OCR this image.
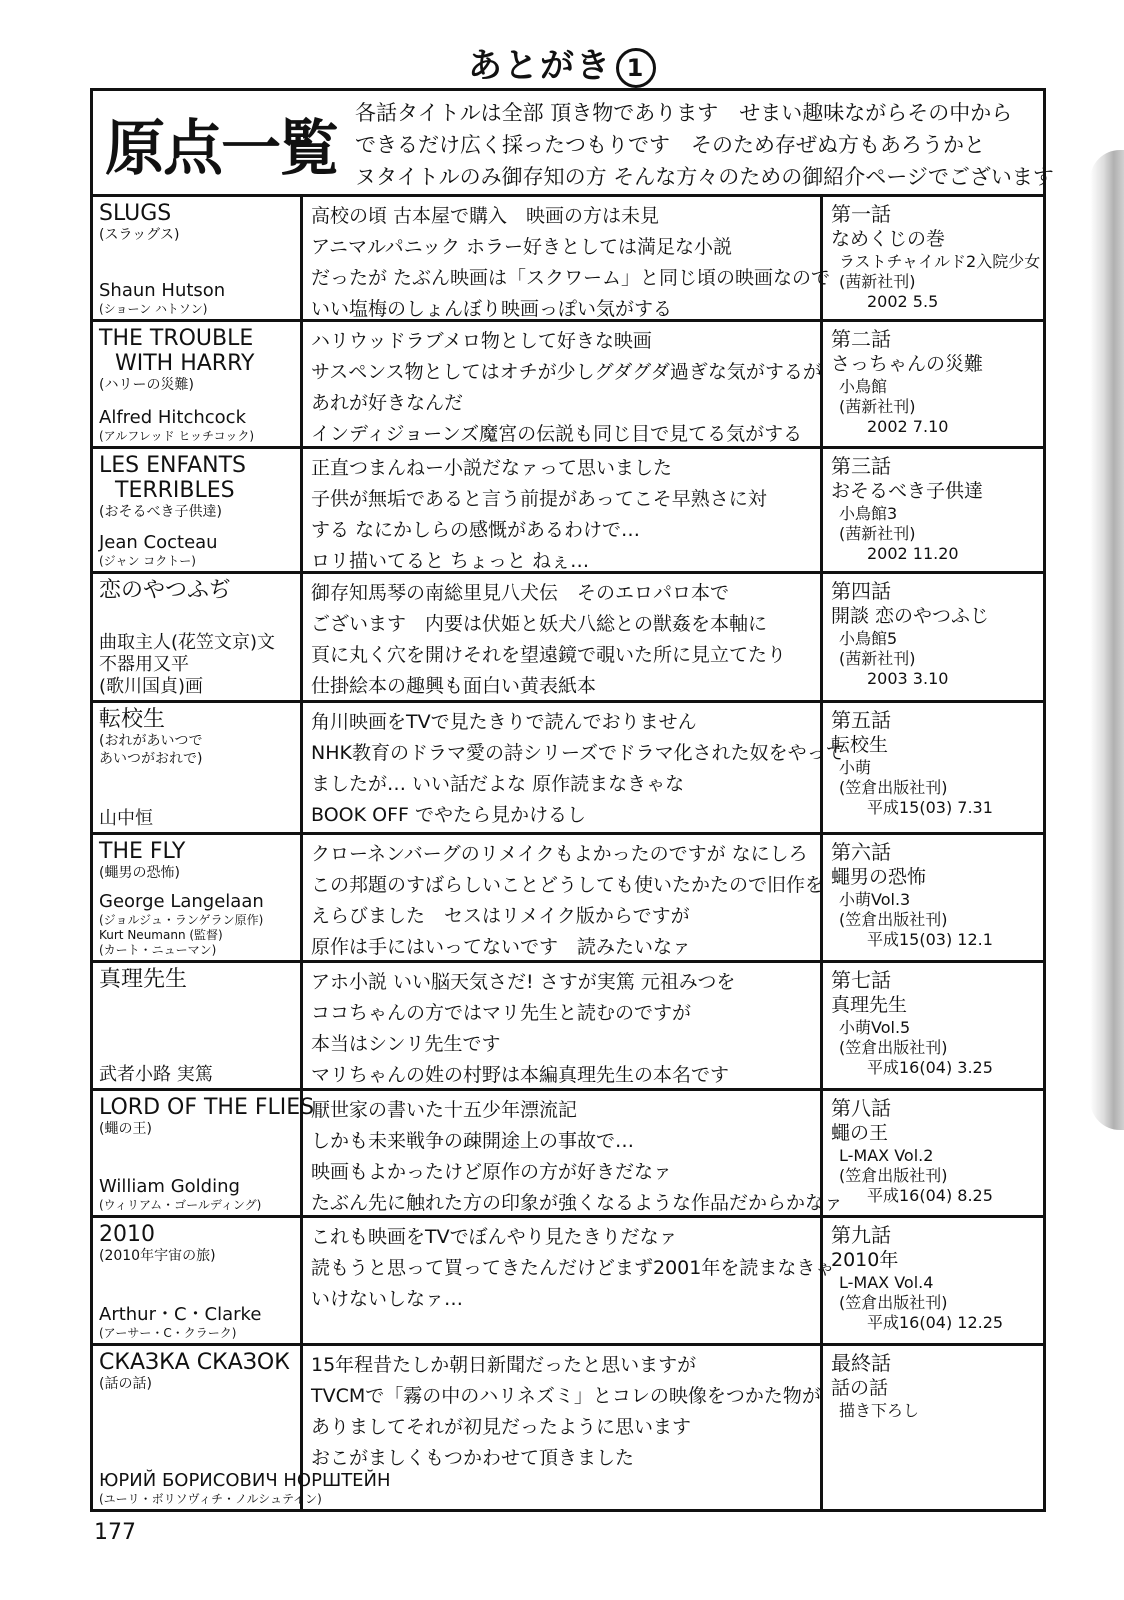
あとがき 1
原点一覧
各話タイトルは全部 頂き物であります　せまい趣味ながらその中から
できるだけ広く採ったつもりです　そのため存ぜぬ方もあろうかと
ヌタイトルのみ御存知の方 そんな方々のための御紹介ページでございます
SLUGS
(スラッグス)
Shaun Hutson
(ショーン ハトソン)
高校の頃 古本屋で購入　映画の方は未見
アニマルパニック ホラー好きとしては満足な小説
だったが たぶん映画は「スクワーム」と同じ頃の映画なので
いい塩梅のしょんぼり映画っぽい気がする
第一話
なめくじの巻
ラストチャイルド2入院少女
(茜新社刊)
2002 5.5
THE TROUBLE
WITH HARRY
(ハリーの災難)
Alfred Hitchcock
(アルフレッド ヒッチコック)
ハリウッドラブメロ物として好きな映画
サスペンス物としてはオチが少しグダグダ過ぎな気がするが
あれが好きなんだ
インディジョーンズ魔宮の伝説も同じ目で見てる気がする
第二話
さっちゃんの災難
小鳥館
(茜新社刊)
2002 7.10
LES ENFANTS
TERRIBLES
(おそるべき子供達)
Jean Cocteau
(ジャン コクトー)
正直つまんねー小説だなァって思いました
子供が無垢であると言う前提があってこそ早熟さに対
する なにかしらの感慨があるわけで…
ロリ描いてると ちょっと ねぇ…
第三話
おそるべき子供達
小鳥館3
(茜新社刊)
2002 11.20
恋のやつふぢ
曲取主人(花笠文京)文
不器用又平
(歌川国貞)画
御存知馬琴の南総里見八犬伝　そのエロパロ本で
ございます　内要は伏姫と妖犬八総との獣姦を本軸に
頁に丸く穴を開けそれを望遠鏡で覗いた所に見立てたり
仕掛絵本の趣興も面白い黄表紙本
第四話
開談 恋のやつふじ
小鳥館5
(茜新社刊)
2003 3.10
転校生
(おれがあいつで
あいつがおれで)
山中恒
角川映画をTVで見たきりで読んでおりません
NHK教育のドラマ愛の詩シリーズでドラマ化された奴をやって
ましたが… いい話だよな 原作読まなきゃな
BOOK OFF でやたら見かけるし
第五話
転校生
小萌
(笠倉出版社刊)
平成15(03) 7.31
THE FLY
(蠅男の恐怖)
George Langelaan
(ジョルジュ・ランゲラン原作)
Kurt Neumann (監督)
(カート・ニューマン)
クローネンバーグのリメイクもよかったのですが なにしろ
この邦題のすばらしいことどうしても使いたかたので旧作を
えらびました　セスはリメイク版からですが
原作は手にはいってないです　読みたいなァ
第六話
蠅男の恐怖
小萌Vol.3
(笠倉出版社刊)
平成15(03) 12.1
真理先生
武者小路 実篤
アホ小説 いい脳天気さだ! さすが実篤 元祖みつを
ココちゃんの方ではマリ先生と読むのですが
本当はシンリ先生です
マリちゃんの姓の村野は本編真理先生の本名です
第七話
真理先生
小萌Vol.5
(笠倉出版社刊)
平成16(04) 3.25
LORD OF THE FLIES
(蠅の王)
William Golding
(ウィリアム・ゴールディング)
厭世家の書いた十五少年漂流記
しかも未来戦争の疎開途上の事故で…
映画もよかったけど原作の方が好きだなァ
たぶん先に触れた方の印象が強くなるような作品だからかなァ
第八話
蠅の王
L-MAX Vol.2
(笠倉出版社刊)
平成16(04) 8.25
2010
(2010年宇宙の旅)
Arthur・C・Clarke
(アーサー・C・クラーク)
これも映画をTVでぼんやり見たきりだなァ
読もうと思って買ってきたんだけどまず2001年を読まなきゃ
いけないしなァ…
第九話
2010年
L-MAX Vol.4
(笠倉出版社刊)
平成16(04) 12.25
СКАЗКА СКАЗОК
(話の話)
ЮРИЙ БОРИСОВИЧ НОРШТЕЙН
(ユーリ・ボリソヴィチ・ノルシュテイン)
15年程昔たしか朝日新聞だったと思いますが
TVCMで「霧の中のハリネズミ」とコレの映像をつかた物が
ありましてそれが初見だったように思います
おこがましくもつかわせて頂きました
最終話
話の話
描き下ろし
177
